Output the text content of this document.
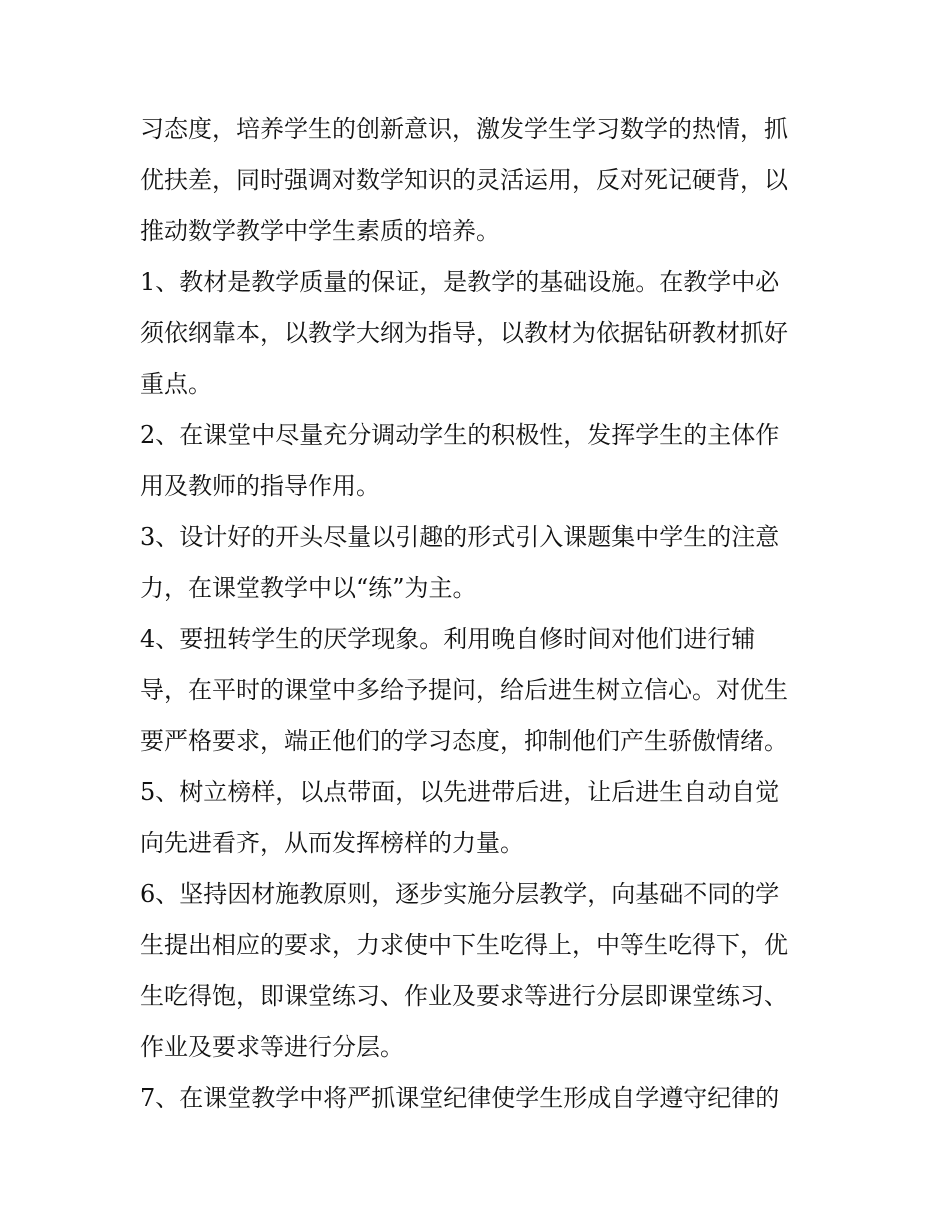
习态度，培养学生的创新意识，激发学生学习数学的热情，抓
优扶差，同时强调对数学知识的灵活运用，反对死记硬背，以
推动数学教学中学生素质的培养。
1、教材是教学质量的保证，是教学的基础设施。在教学中必
须依纲靠本，以教学大纲为指导，以教材为依据钻研教材抓好
重点。
2、在课堂中尽量充分调动学生的积极性，发挥学生的主体作
用及教师的指导作用。
3、设计好的开头尽量以引趣的形式引入课题集中学生的注意
力，在课堂教学中以“练”为主。
4、要扭转学生的厌学现象。利用晚自修时间对他们进行辅
导，在平时的课堂中多给予提问，给后进生树立信心。对优生
要严格要求，端正他们的学习态度，抑制他们产生骄傲情绪。
5、树立榜样，以点带面，以先进带后进，让后进生自动自觉
向先进看齐，从而发挥榜样的力量。
6、坚持因材施教原则，逐步实施分层教学，向基础不同的学
生提出相应的要求，力求使中下生吃得上，中等生吃得下，优
生吃得饱，即课堂练习、作业及要求等进行分层即课堂练习、
作业及要求等进行分层。
7、在课堂教学中将严抓课堂纪律使学生形成自学遵守纪律的
